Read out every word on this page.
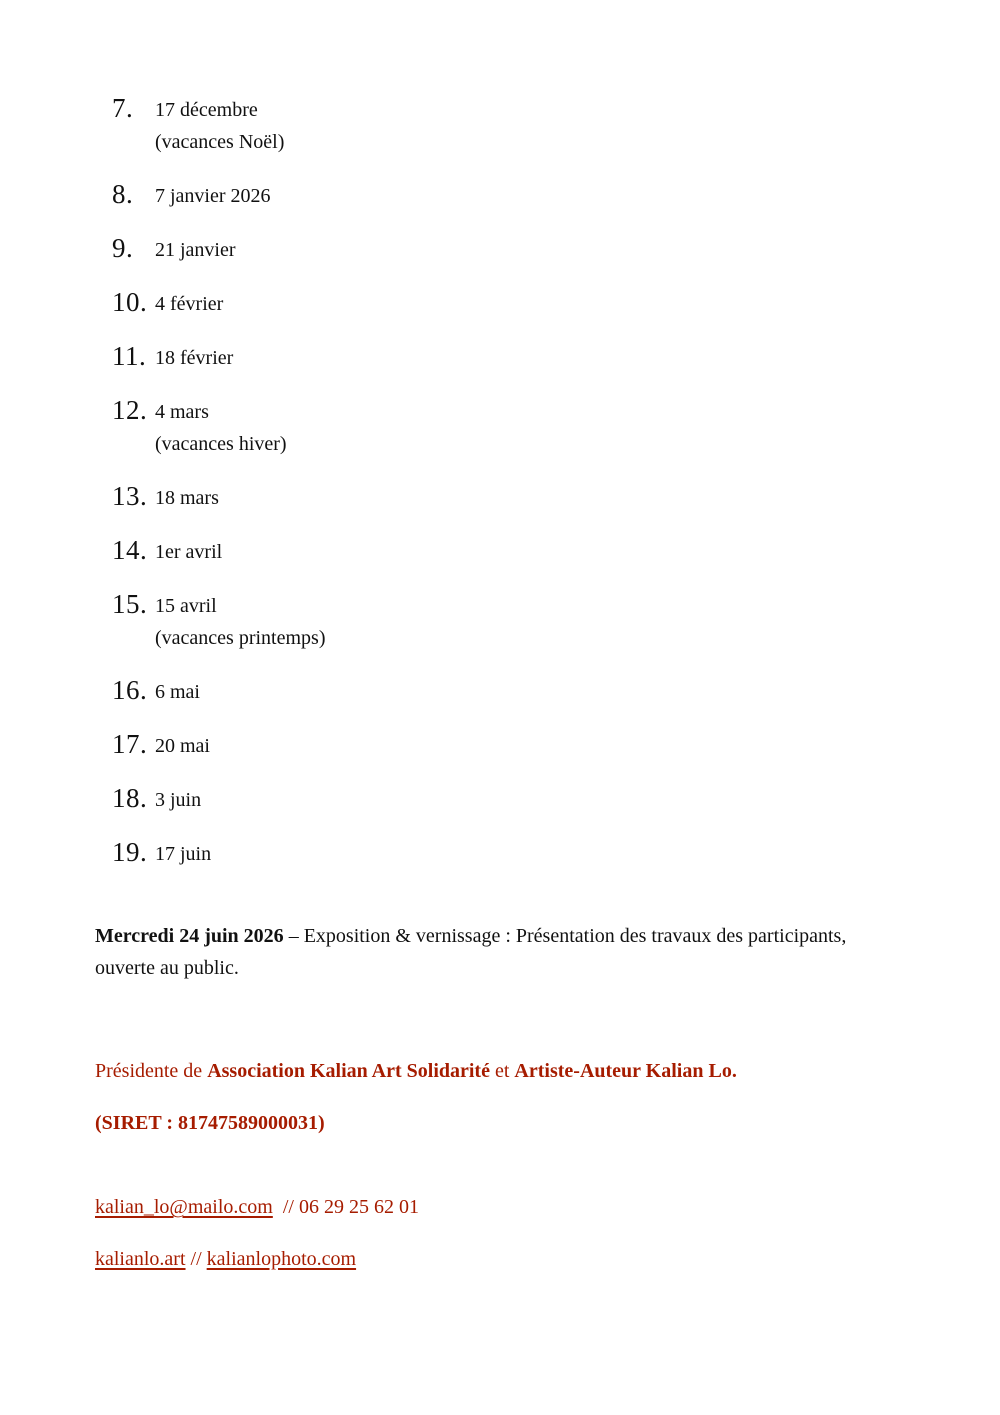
7.	17 décembre
(vacances Noël)
8.	7 janvier 2026
9.	21 janvier
10. 4 février
11. 18 février
12. 4 mars
(vacances hiver)
13. 18 mars
14. 1er avril
15. 15 avril
(vacances printemps)
16. 6 mai
17. 20 mai
18. 3 juin
19. 17 juin
Mercredi 24 juin 2026 – Exposition & vernissage : Présentation des travaux des participants, ouverte au public.
Présidente de Association Kalian Art Solidarité et Artiste-Auteur Kalian Lo.
(SIRET : 81747589000031)
kalian_lo@mailo.com  // 06 29 25 62 01
kalianlo.art // kalianlophoto.com
